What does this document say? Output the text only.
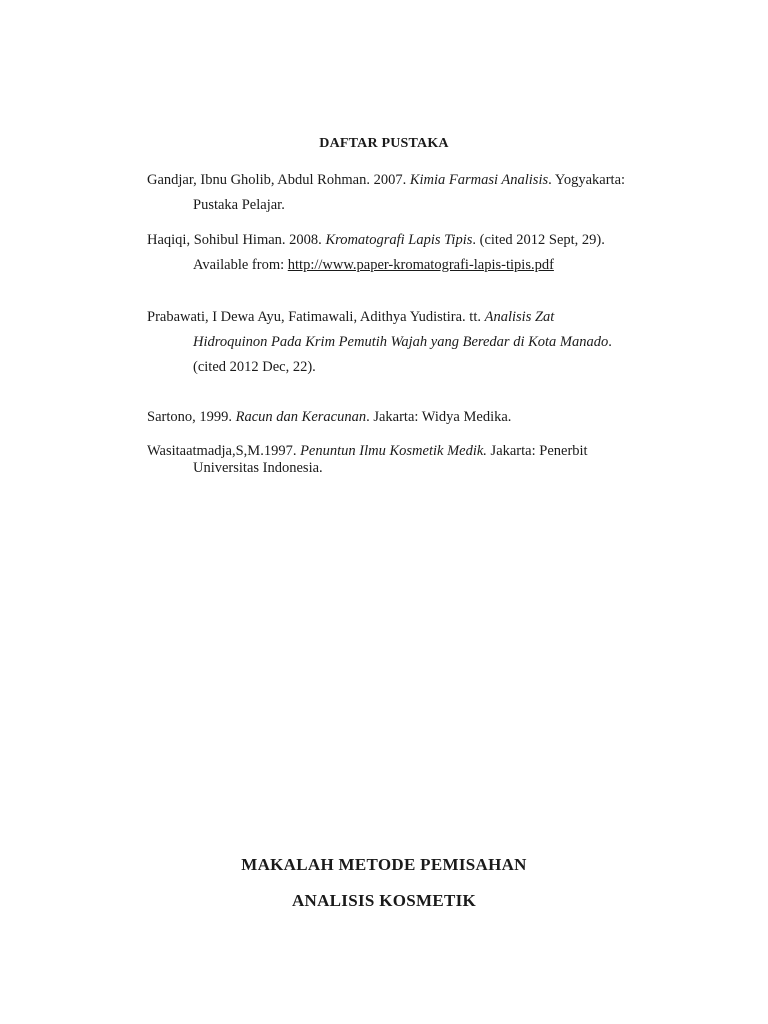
DAFTAR PUSTAKA
Gandjar, Ibnu Gholib, Abdul Rohman. 2007. Kimia Farmasi Analisis. Yogyakarta:
Pustaka Pelajar.
Haqiqi, Sohibul Himan. 2008. Kromatografi Lapis Tipis. (cited 2012 Sept, 29).
Available from: http://www.paper-kromatografi-lapis-tipis.pdf
Prabawati, I Dewa Ayu, Fatimawali, Adithya Yudistira. tt. Analisis Zat
Hidroquinon Pada Krim Pemutih Wajah yang Beredar di Kota Manado.
(cited 2012 Dec, 22).
Sartono, 1999. Racun dan Keracunan. Jakarta: Widya Medika.
Wasitaatmadja,S,M.1997. Penuntun Ilmu Kosmetik Medik. Jakarta: Penerbit
Universitas Indonesia.
MAKALAH METODE PEMISAHAN
ANALISIS KOSMETIK
